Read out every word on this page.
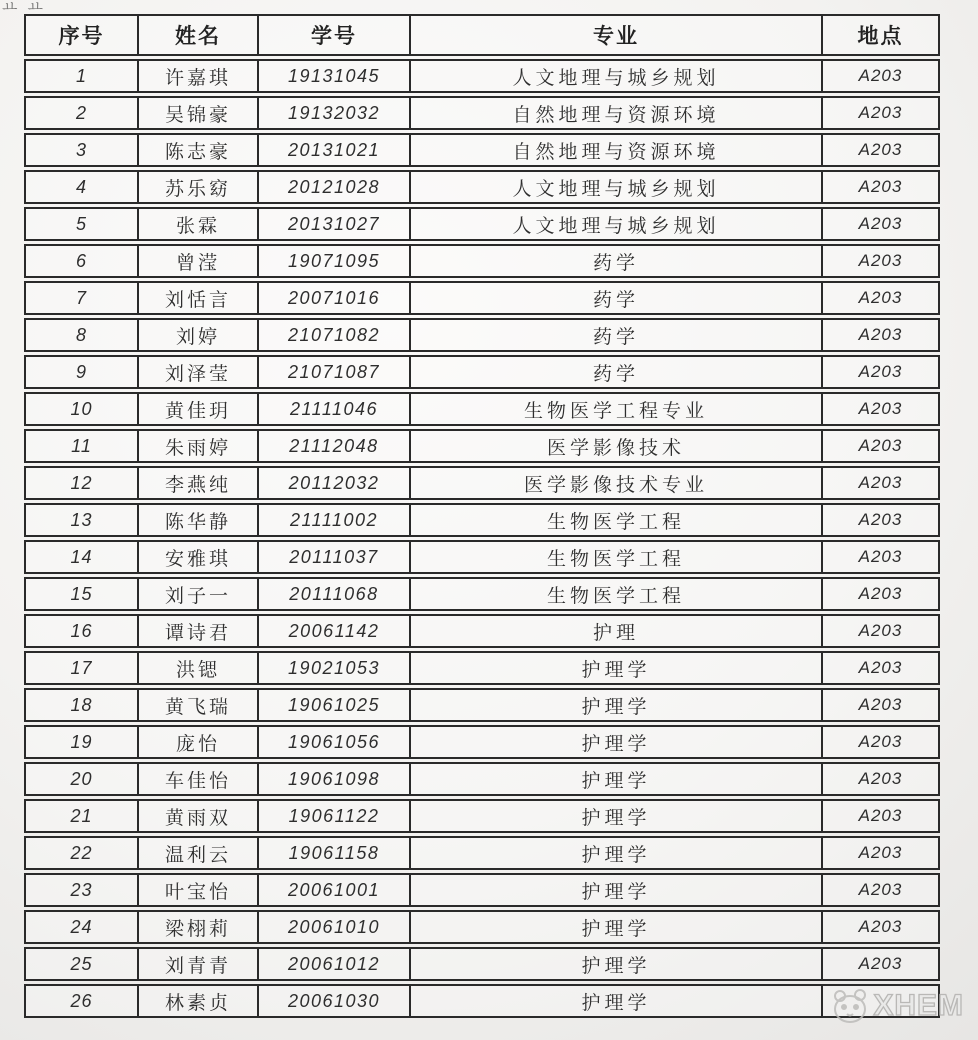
ㅛㅛ
序号	姓名	学号	专业	地点
1	许嘉琪	19131045	人文地理与城乡规划	A203
2	吴锦豪	19132032	自然地理与资源环境	A203
3	陈志豪	20131021	自然地理与资源环境	A203
4	苏乐窈	20121028	人文地理与城乡规划	A203
5	张霖	20131027	人文地理与城乡规划	A203
6	曾滢	19071095	药学	A203
7	刘恬言	20071016	药学	A203
8	刘婷	21071082	药学	A203
9	刘泽莹	21071087	药学	A203
10	黄佳玥	21111046	生物医学工程专业	A203
11	朱雨婷	21112048	医学影像技术	A203
12	李燕纯	20112032	医学影像技术专业	A203
13	陈华静	21111002	生物医学工程	A203
14	安雅琪	20111037	生物医学工程	A203
15	刘子一	20111068	生物医学工程	A203
16	谭诗君	20061142	护理	A203
17	洪锶	19021053	护理学	A203
18	黄飞瑞	19061025	护理学	A203
19	庞怡	19061056	护理学	A203
20	车佳怡	19061098	护理学	A203
21	黄雨双	19061122	护理学	A203
22	温利云	19061158	护理学	A203
23	叶宝怡	20061001	护理学	A203
24	梁栩莉	20061010	护理学	A203
25	刘青青	20061012	护理学	A203
26	林素贞	20061030	护理学		XHEM
